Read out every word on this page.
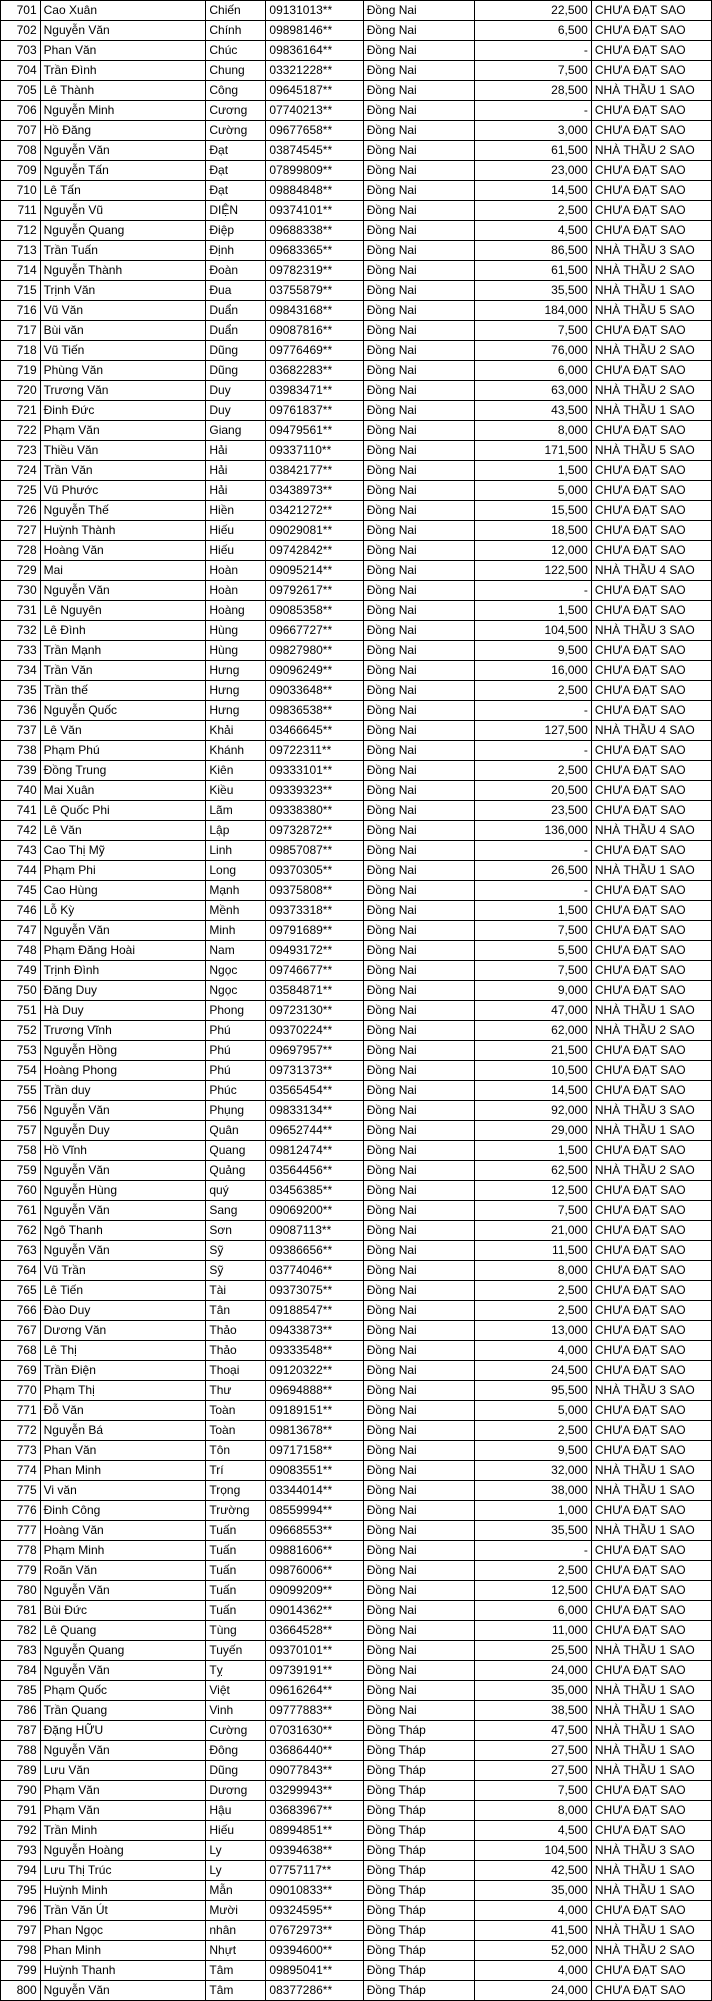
701	Cao Xuân	Chiến	09131013**	Đồng Nai	22,500	CHƯA ĐẠT SAO
702	Nguyễn Văn	Chính	09898146**	Đồng Nai	6,500	CHƯA ĐẠT SAO
703	Phan Văn	Chúc	09836164**	Đồng Nai	-	CHƯA ĐẠT SAO
704	Trần Đình	Chung	03321228**	Đồng Nai	7,500	CHƯA ĐẠT SAO
705	Lê Thành	Công	09645187**	Đồng Nai	28,500	NHÀ THẦU 1 SAO
706	Nguyễn Minh	Cương	07740213**	Đồng Nai	-	CHƯA ĐẠT SAO
707	Hồ Đăng	Cường	09677658**	Đồng Nai	3,000	CHƯA ĐẠT SAO
708	Nguyễn Văn	Đạt	03874545**	Đồng Nai	61,500	NHÀ THẦU 2 SAO
709	Nguyễn Tấn	Đạt	07899809**	Đồng Nai	23,000	CHƯA ĐẠT SAO
710	Lê Tấn	Đạt	09884848**	Đồng Nai	14,500	CHƯA ĐẠT SAO
711	Nguyễn Vũ	DIỆN	09374101**	Đồng Nai	2,500	CHƯA ĐẠT SAO
712	Nguyễn Quang	Điệp	09688338**	Đồng Nai	4,500	CHƯA ĐẠT SAO
713	Trần Tuấn	Định	09683365**	Đồng Nai	86,500	NHÀ THẦU 3 SAO
714	Nguyễn Thành	Đoàn	09782319**	Đồng Nai	61,500	NHÀ THẦU 2 SAO
715	Trịnh Văn	Đua	03755879**	Đồng Nai	35,500	NHÀ THẦU 1 SAO
716	Vũ Văn	Duẩn	09843168**	Đồng Nai	184,000	NHÀ THẦU 5 SAO
717	Bùi văn	Duẩn	09087816**	Đồng Nai	7,500	CHƯA ĐẠT SAO
718	Vũ Tiến	Dũng	09776469**	Đồng Nai	76,000	NHÀ THẦU 2 SAO
719	Phùng Văn	Dũng	03682283**	Đồng Nai	6,000	CHƯA ĐẠT SAO
720	Trương Văn	Duy	03983471**	Đồng Nai	63,000	NHÀ THẦU 2 SAO
721	Đinh Đức	Duy	09761837**	Đồng Nai	43,500	NHÀ THẦU 1 SAO
722	Phạm Văn	Giang	09479561**	Đồng Nai	8,000	CHƯA ĐẠT SAO
723	Thiều Văn	Hải	09337110**	Đồng Nai	171,500	NHÀ THẦU 5 SAO
724	Trần Văn	Hải	03842177**	Đồng Nai	1,500	CHƯA ĐẠT SAO
725	Vũ Phước	Hải	03438973**	Đồng Nai	5,000	CHƯA ĐẠT SAO
726	Nguyễn Thế	Hiền	03421272**	Đồng Nai	15,500	CHƯA ĐẠT SAO
727	Huỳnh Thành	Hiếu	09029081**	Đồng Nai	18,500	CHƯA ĐẠT SAO
728	Hoàng Văn	Hiếu	09742842**	Đồng Nai	12,000	CHƯA ĐẠT SAO
729	Mai	Hoàn	09095214**	Đồng Nai	122,500	NHÀ THẦU 4 SAO
730	Nguyễn Văn	Hoàn	09792617**	Đồng Nai	-	CHƯA ĐẠT SAO
731	Lê Nguyên	Hoàng	09085358**	Đồng Nai	1,500	CHƯA ĐẠT SAO
732	Lê Đình	Hùng	09667727**	Đồng Nai	104,500	NHÀ THẦU 3 SAO
733	Trần Mạnh	Hùng	09827980**	Đồng Nai	9,500	CHƯA ĐẠT SAO
734	Trần Văn	Hưng	09096249**	Đồng Nai	16,000	CHƯA ĐẠT SAO
735	Trần thế	Hưng	09033648**	Đồng Nai	2,500	CHƯA ĐẠT SAO
736	Nguyễn Quốc	Hưng	09836538**	Đồng Nai	-	CHƯA ĐẠT SAO
737	Lê Văn	Khải	03466645**	Đồng Nai	127,500	NHÀ THẦU 4 SAO
738	Phạm Phú	Khánh	09722311**	Đồng Nai	-	CHƯA ĐẠT SAO
739	Đồng Trung	Kiên	09333101**	Đồng Nai	2,500	CHƯA ĐẠT SAO
740	Mai Xuân	Kiều	09339323**	Đồng Nai	20,500	CHƯA ĐẠT SAO
741	Lê Quốc Phi	Lãm	09338380**	Đồng Nai	23,500	CHƯA ĐẠT SAO
742	Lê Văn	Lập	09732872**	Đồng Nai	136,000	NHÀ THẦU 4 SAO
743	Cao Thị Mỹ	Linh	09857087**	Đồng Nai	-	CHƯA ĐẠT SAO
744	Phạm Phi	Long	09370305**	Đồng Nai	26,500	NHÀ THẦU 1 SAO
745	Cao Hùng	Mạnh	09375808**	Đồng Nai	-	CHƯA ĐẠT SAO
746	Lỗ Kỳ	Mềnh	09373318**	Đồng Nai	1,500	CHƯA ĐẠT SAO
747	Nguyễn Văn	Minh	09791689**	Đồng Nai	7,500	CHƯA ĐẠT SAO
748	Phạm Đăng Hoài	Nam	09493172**	Đồng Nai	5,500	CHƯA ĐẠT SAO
749	Trịnh Đình	Ngọc	09746677**	Đồng Nai	7,500	CHƯA ĐẠT SAO
750	Đăng Duy	Ngọc	03584871**	Đồng Nai	9,000	CHƯA ĐẠT SAO
751	Hà Duy	Phong	09723130**	Đồng Nai	47,000	NHÀ THẦU 1 SAO
752	Trương Vĩnh	Phú	09370224**	Đồng Nai	62,000	NHÀ THẦU 2 SAO
753	Nguyễn Hồng	Phú	09697957**	Đồng Nai	21,500	CHƯA ĐẠT SAO
754	Hoàng Phong	Phú	09731373**	Đồng Nai	10,500	CHƯA ĐẠT SAO
755	Trần duy	Phúc	03565454**	Đồng Nai	14,500	CHƯA ĐẠT SAO
756	Nguyễn Văn	Phụng	09833134**	Đồng Nai	92,000	NHÀ THẦU 3 SAO
757	Nguyễn Duy	Quân	09652744**	Đồng Nai	29,000	NHÀ THẦU 1 SAO
758	Hồ Vĩnh	Quang	09812474**	Đồng Nai	1,500	CHƯA ĐẠT SAO
759	Nguyễn Văn	Quảng	03564456**	Đồng Nai	62,500	NHÀ THẦU 2 SAO
760	Nguyễn Hùng	quý	03456385**	Đồng Nai	12,500	CHƯA ĐẠT SAO
761	Nguyễn Văn	Sang	09069200**	Đồng Nai	7,500	CHƯA ĐẠT SAO
762	Ngô Thanh	Sơn	09087113**	Đồng Nai	21,000	CHƯA ĐẠT SAO
763	Nguyễn Văn	Sỹ	09386656**	Đồng Nai	11,500	CHƯA ĐẠT SAO
764	Vũ Trần	Sỹ	03774046**	Đồng Nai	8,000	CHƯA ĐẠT SAO
765	Lê Tiến	Tài	09373075**	Đồng Nai	2,500	CHƯA ĐẠT SAO
766	Đào Duy	Tân	09188547**	Đồng Nai	2,500	CHƯA ĐẠT SAO
767	Dương Văn	Thảo	09433873**	Đồng Nai	13,000	CHƯA ĐẠT SAO
768	Lê Thị	Thảo	09333548**	Đồng Nai	4,000	CHƯA ĐẠT SAO
769	Trần Điện	Thoại	09120322**	Đồng Nai	24,500	CHƯA ĐẠT SAO
770	Phạm Thị	Thư	09694888**	Đồng Nai	95,500	NHÀ THẦU 3 SAO
771	Đỗ Văn	Toàn	09189151**	Đồng Nai	5,000	CHƯA ĐẠT SAO
772	Nguyễn Bá	Toàn	09813678**	Đồng Nai	2,500	CHƯA ĐẠT SAO
773	Phan Văn	Tôn	09717158**	Đồng Nai	9,500	CHƯA ĐẠT SAO
774	Phan Minh	Trí	09083551**	Đồng Nai	32,000	NHÀ THẦU 1 SAO
775	Vi văn	Trọng	03344014**	Đồng Nai	38,000	NHÀ THẦU 1 SAO
776	Đinh Công	Trường	08559994**	Đồng Nai	1,000	CHƯA ĐẠT SAO
777	Hoàng Văn	Tuấn	09668553**	Đồng Nai	35,500	NHÀ THẦU 1 SAO
778	Phạm Minh	Tuấn	09881606**	Đồng Nai	-	CHƯA ĐẠT SAO
779	Roãn Văn	Tuấn	09876006**	Đồng Nai	2,500	CHƯA ĐẠT SAO
780	Nguyễn Văn	Tuấn	09099209**	Đồng Nai	12,500	CHƯA ĐẠT SAO
781	Bùi Đức	Tuấn	09014362**	Đồng Nai	6,000	CHƯA ĐẠT SAO
782	Lê Quang	Tùng	03664528**	Đồng Nai	11,000	CHƯA ĐẠT SAO
783	Nguyễn Quang	Tuyến	09370101**	Đồng Nai	25,500	NHÀ THẦU 1 SAO
784	Nguyễn Văn	Tỵ	09739191**	Đồng Nai	24,000	CHƯA ĐẠT SAO
785	Phạm Quốc	Việt	09616264**	Đồng Nai	35,000	NHÀ THẦU 1 SAO
786	Trần Quang	Vinh	09777883**	Đồng Nai	38,500	NHÀ THẦU 1 SAO
787	Đặng HỮU	Cường	07031630**	Đồng Tháp	47,500	NHÀ THẦU 1 SAO
788	Nguyễn Văn	Đông	03686440**	Đồng Tháp	27,500	NHÀ THẦU 1 SAO
789	Lưu Văn	Dũng	09077843**	Đồng Tháp	27,500	NHÀ THẦU 1 SAO
790	Phạm Văn	Dương	03299943**	Đồng Tháp	7,500	CHƯA ĐẠT SAO
791	Phạm Văn	Hậu	03683967**	Đồng Tháp	8,000	CHƯA ĐẠT SAO
792	Trần Minh	Hiếu	08994851**	Đồng Tháp	4,500	CHƯA ĐẠT SAO
793	Nguyễn Hoàng	Ly	09394638**	Đồng Tháp	104,500	NHÀ THẦU 3 SAO
794	Lưu Thị Trúc	Ly	07757117**	Đồng Tháp	42,500	NHÀ THẦU 1 SAO
795	Huỳnh Minh	Mẫn	09010833**	Đồng Tháp	35,000	NHÀ THẦU 1 SAO
796	Trần Văn Út	Mười	09324595**	Đồng Tháp	4,000	CHƯA ĐẠT SAO
797	Phan Ngọc	nhân	07672973**	Đồng Tháp	41,500	NHÀ THẦU 1 SAO
798	Phan Minh	Nhựt	09394600**	Đồng Tháp	52,000	NHÀ THẦU 2 SAO
799	Huỳnh Thanh	Tâm	09895041**	Đồng Tháp	4,000	CHƯA ĐẠT SAO
800	Nguyễn Văn	Tâm	08377286**	Đồng Tháp	24,000	CHƯA ĐẠT SAO
